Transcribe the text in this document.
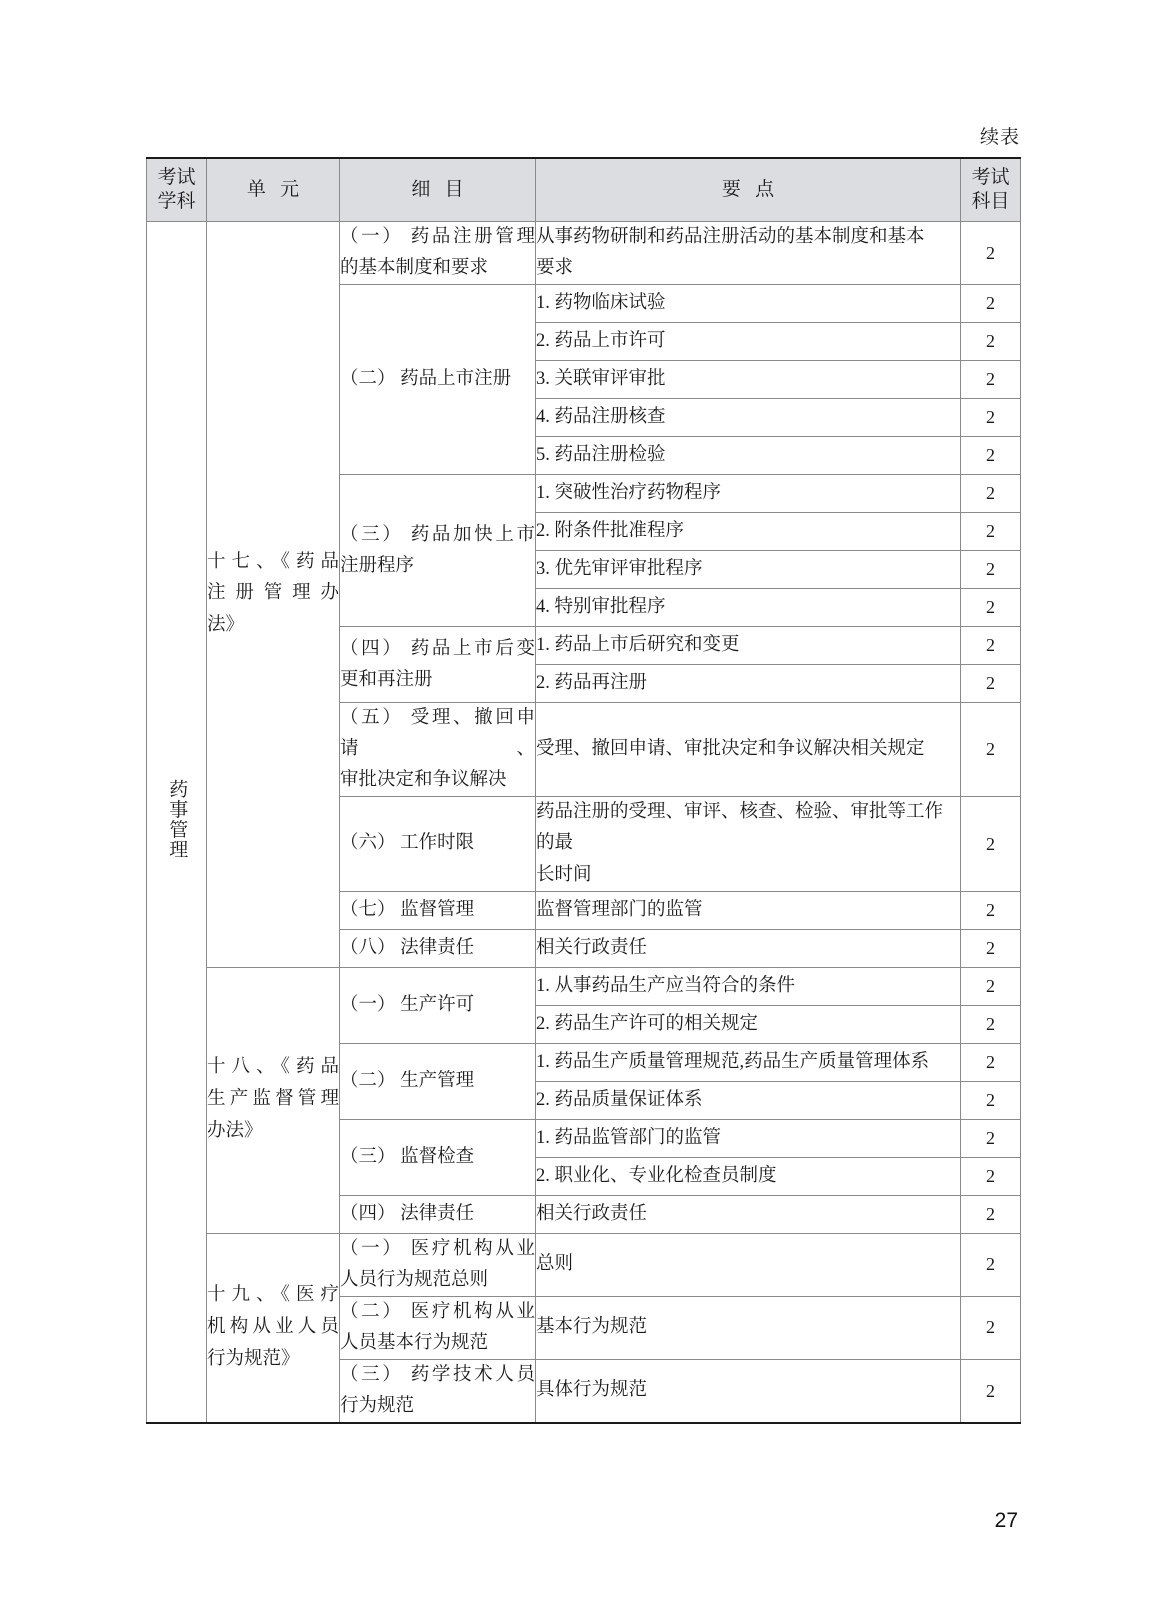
续表
考试
学科	单元	细目	要点	考试
科目

药事管理	十七、《药品
注册管理办
法》	（一） 药品注册管理
的基本制度和要求	从事药物研制和药品注册活动的基本制度和基本
要求	2

		（二） 药品上市注册	1. 药物临床试验	2

			2. 药品上市许可	2

			3. 关联审评审批	2

			4. 药品注册核查	2

			5. 药品注册检验	2

		（三） 药品加快上市
注册程序	1. 突破性治疗药物程序	2

			2. 附条件批准程序	2

			3. 优先审评审批程序	2

			4. 特别审批程序	2

		（四） 药品上市后变
更和再注册	1. 药品上市后研究和变更	2

			2. 药品再注册	2

		（五） 受理、撤回申请、
审批决定和争议解决	受理、撤回申请、审批决定和争议解决相关规定	2

		（六） 工作时限	药品注册的受理、审评、核查、检验、审批等工作的最
长时间	2

		（七） 监督管理	监督管理部门的监管	2

		（八） 法律责任	相关行政责任	2

	十八、《药品
生产监督管理
办法》	（一） 生产许可	1. 从事药品生产应当符合的条件	2

			2. 药品生产许可的相关规定	2

		（二） 生产管理	1. 药品生产质量管理规范,药品生产质量管理体系	2

			2. 药品质量保证体系	2

		（三） 监督检查	1. 药品监管部门的监管	2

			2. 职业化、专业化检查员制度	2

		（四） 法律责任	相关行政责任	2

	十九、《医疗
机构从业人员
行为规范》	（一） 医疗机构从业
人员行为规范总则	总则	2

		（二） 医疗机构从业
人员基本行为规范	基本行为规范	2

		（三） 药学技术人员
行为规范	具体行为规范	2
27
